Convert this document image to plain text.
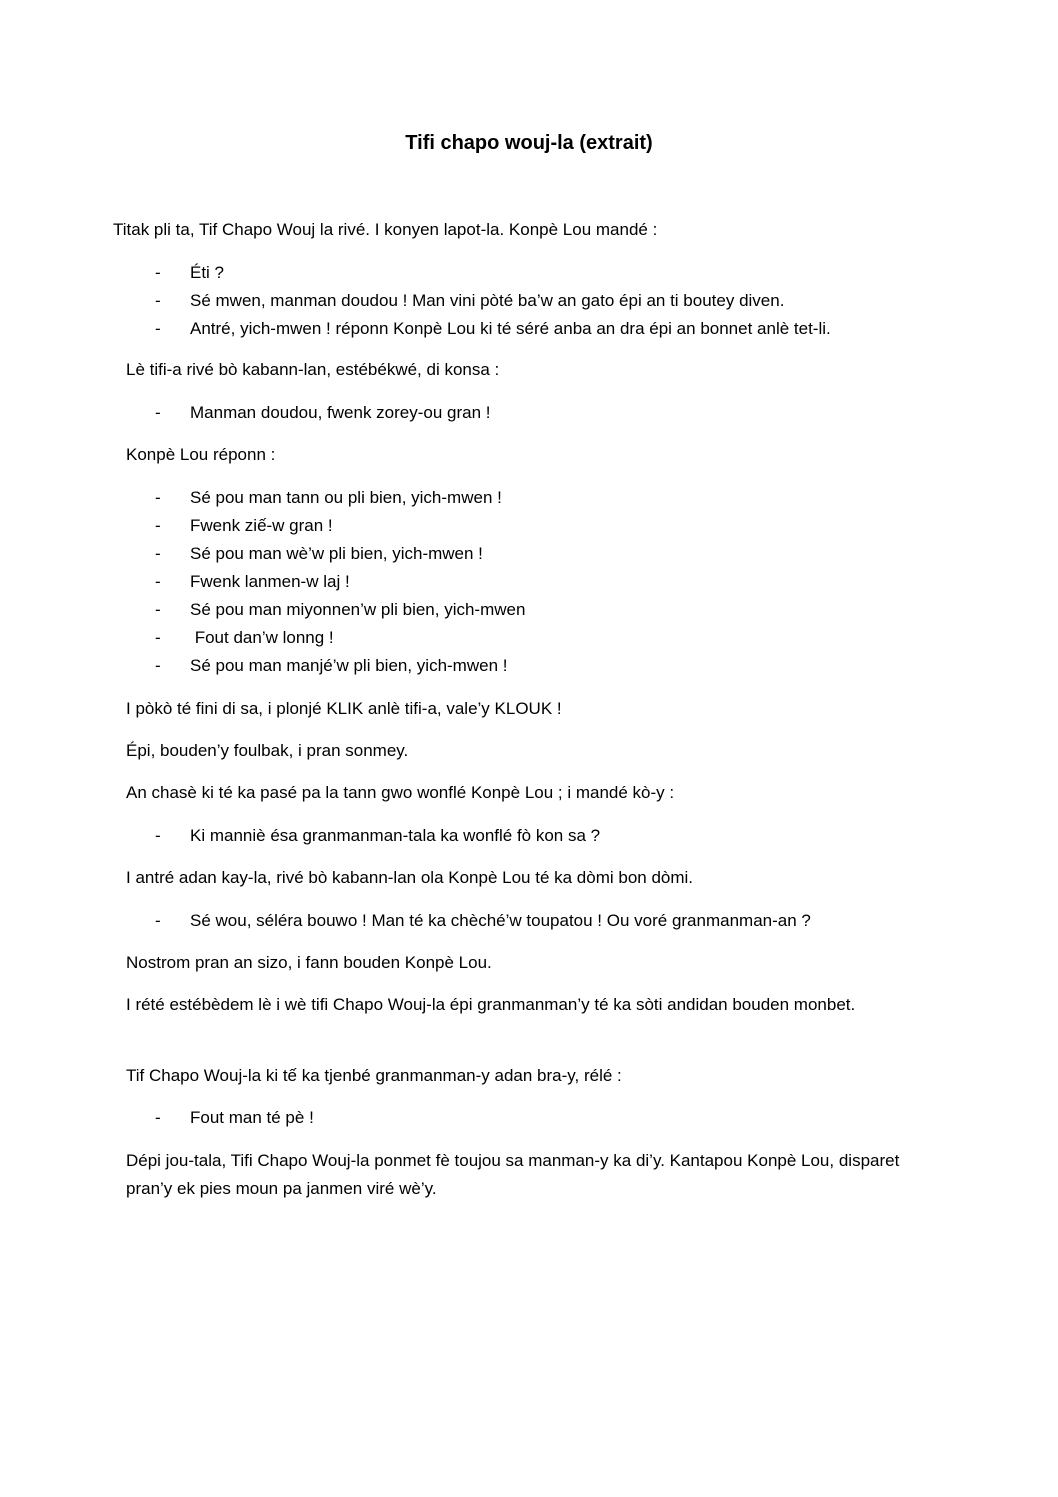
Tifi chapo wouj-la (extrait)

Titak pli ta, Tif Chapo Wouj la rivé. I konyen lapot-la. Konpè Lou mandé :

- Éti ?
- Sé mwen, manman doudou ! Man vini pòté ba’w an gato épi an ti boutey diven.
- Antré, yich-mwen ! réponn Konpè Lou ki té séré anba an dra épi an bonnet anlè tet-li.

Lè tifi-a rivé bò kabann-lan, estébékwé, di konsa :

- Manman doudou, fwenk zorey-ou gran !

Konpè Lou réponn :

- Sé pou man tann ou pli bien, yich-mwen !
- Fwenk ziế-w gran !
- Sé pou man wè’w pli bien, yich-mwen !
- Fwenk lanmen-w laj !
- Sé pou man miyonnen’w pli bien, yich-mwen
- Fout dan’w lonng !
- Sé pou man manjé’w pli bien, yich-mwen !

I pòkò té fini di sa, i plonjé KLIK anlè tifi-a, vale’y KLOUK !

Épi, bouden’y foulbak, i pran sonmey.

An chasè ki té ka pasé pa la tann gwo wonflé Konpè Lou ; i mandé kò-y :

- Ki manniè ésa granmanman-tala ka wonflé fò kon sa ?

I antré adan kay-la, rivé bò kabann-lan ola Konpè Lou té ka dòmi bon dòmi.

- Sé wou, séléra bouwo ! Man té ka chèché’w toupatou ! Ou voré granmanman-an ?

Nostrom pran an sizo, i fann bouden Konpè Lou.

I rété estébèdem lè i wè tifi Chapo Wouj-la épi granmanman’y té ka sòti andidan bouden monbet.

Tif Chapo Wouj-la ki tế ka tjenbé granmanman-y adan bra-y, rélé :

- Fout man té pè !

Dépi jou-tala, Tifi Chapo Wouj-la ponmet fè toujou sa manman-y ka di’y. Kantapou Konpè Lou, disparet pran’y ek pies moun pa janmen viré wè’y.
